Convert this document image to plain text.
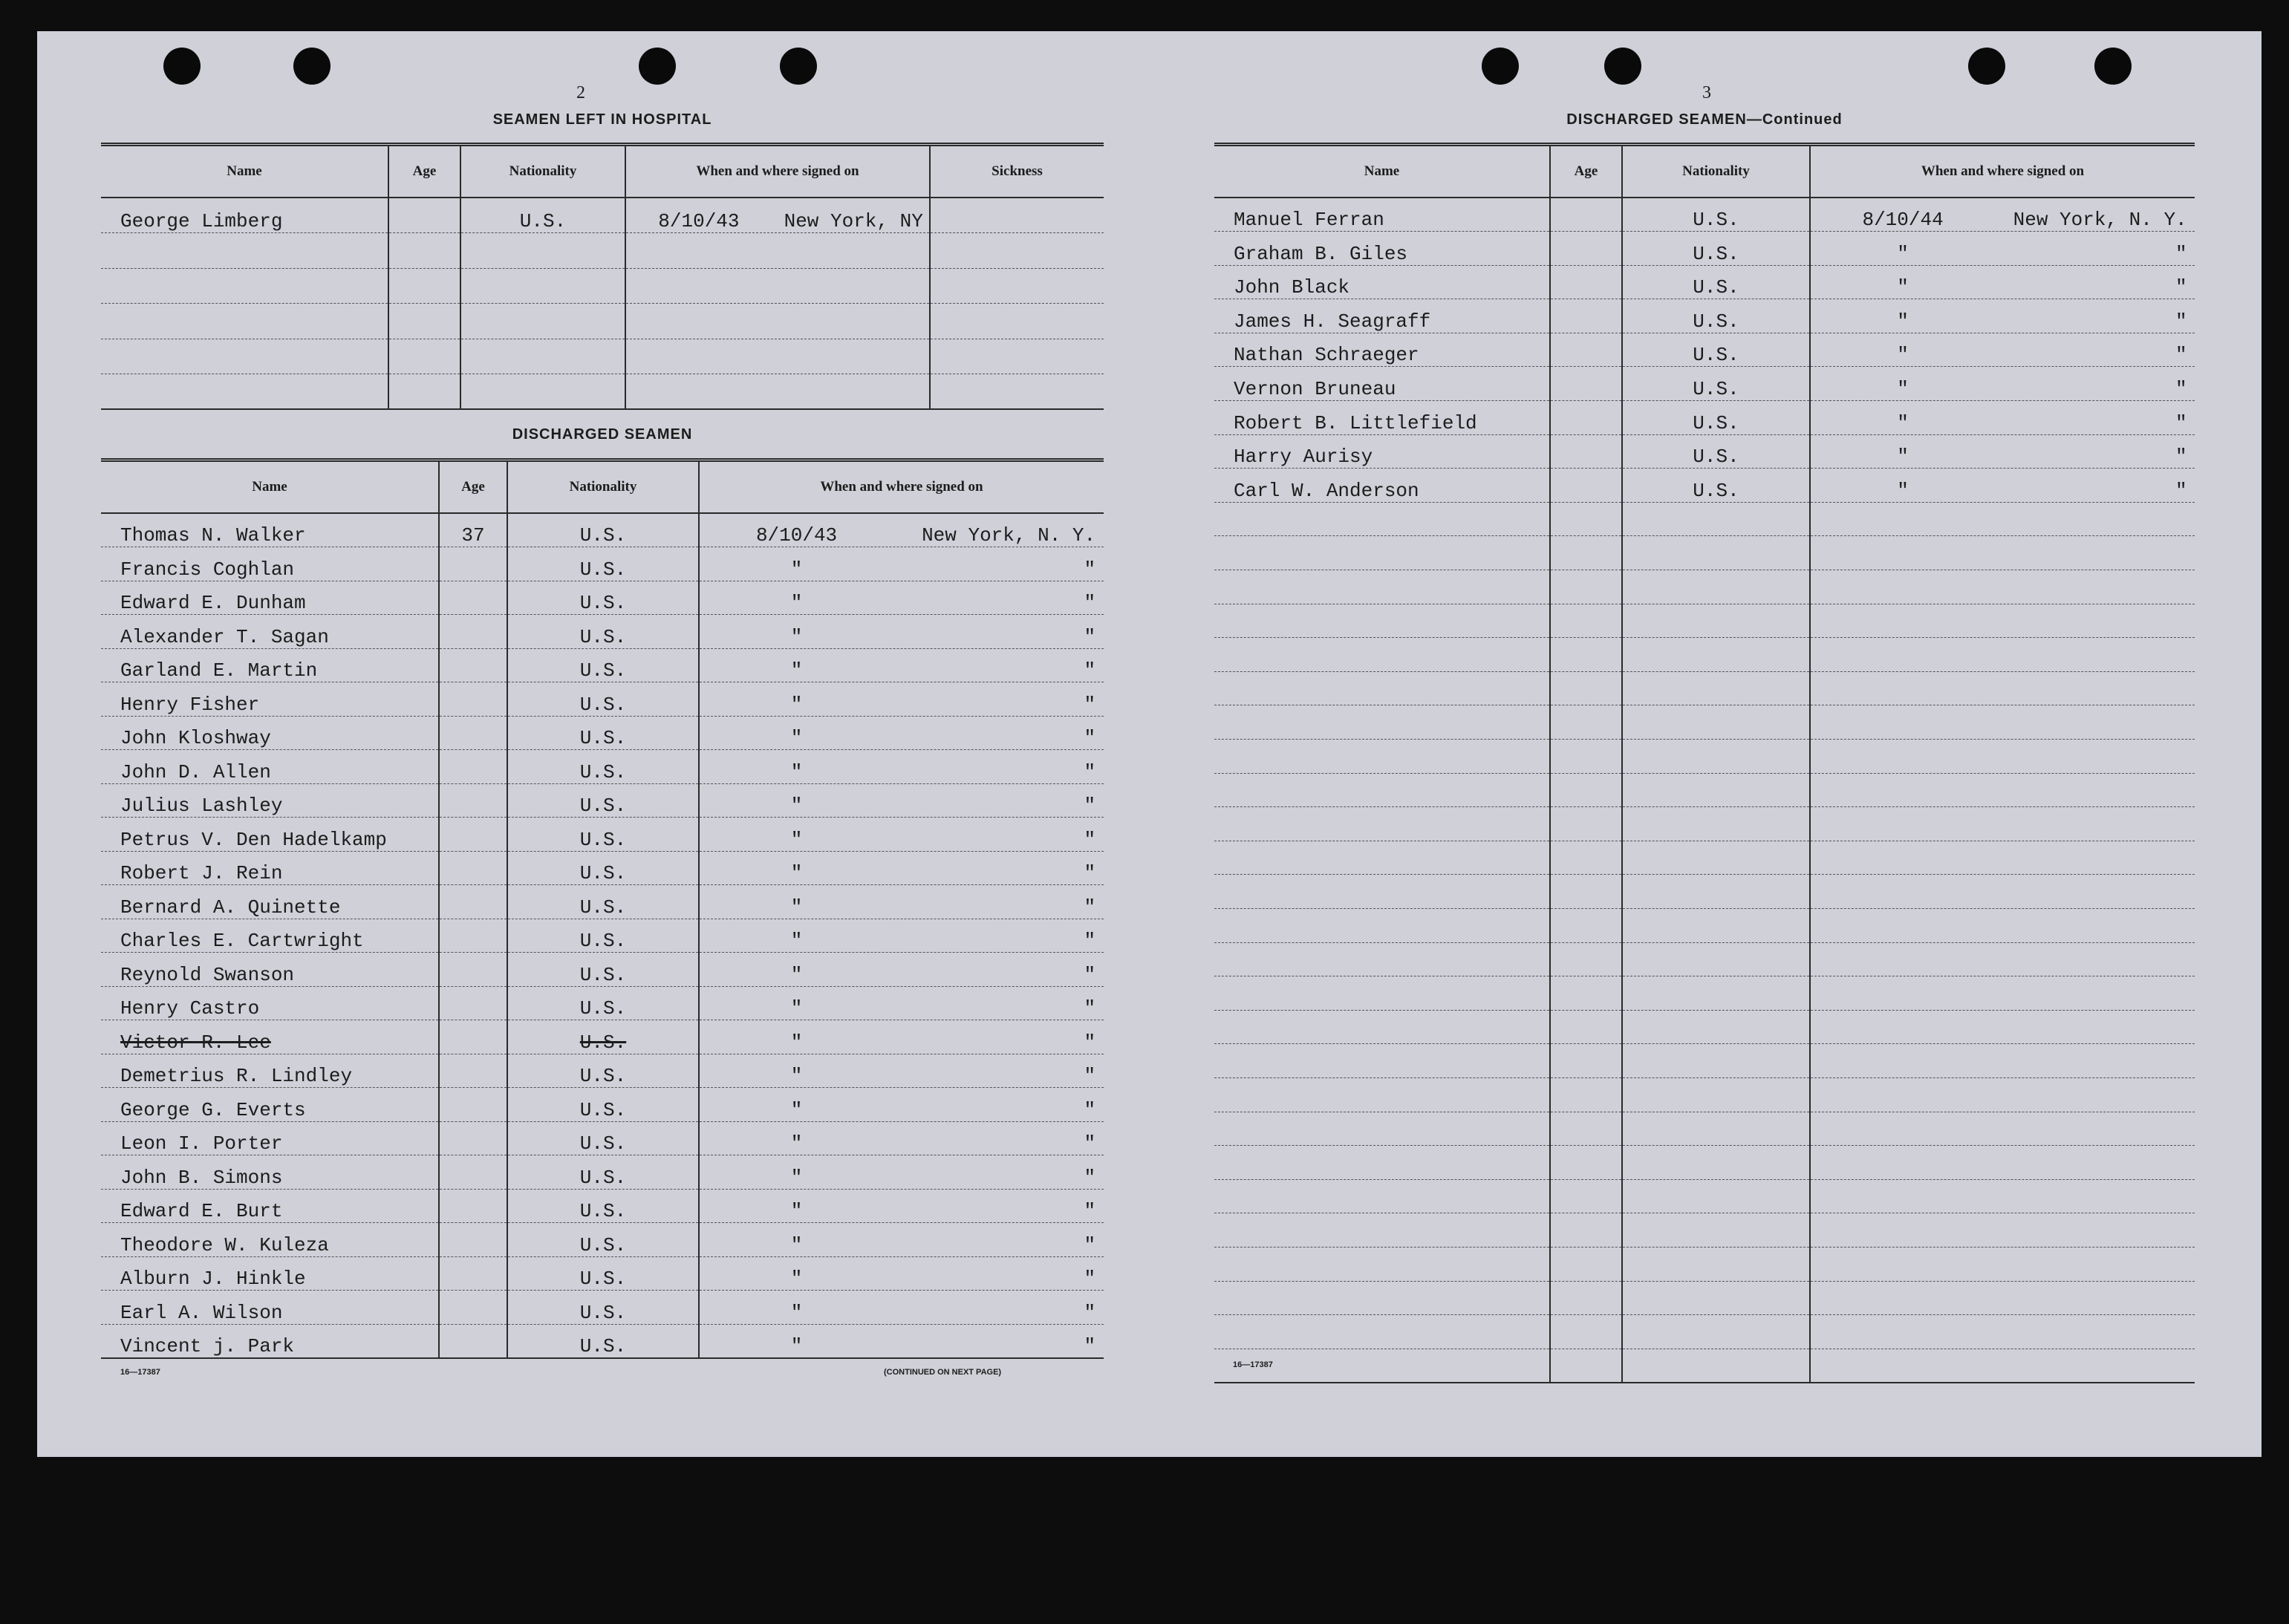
2
SEAMEN LEFT IN HOSPITAL
Name	Age	Nationality	When and where signed on	Sickness
George Limberg		U.S.	8/10/43 New York, NY	

DISCHARGED SEAMEN
Name	Age	Nationality	When and where signed on
Thomas N. Walker	37	U.S.	8/10/43 New York, N. Y.
Francis Coghlan		U.S.	" "
Edward E. Dunham		U.S.	" "
Alexander T. Sagan		U.S.	" "
Garland E. Martin		U.S.	" "
Henry Fisher		U.S.	" "
John Kloshway		U.S.	" "
John D. Allen		U.S.	" "
Julius Lashley		U.S.	" "
Petrus V. Den Hadelkamp		U.S.	" "
Robert J. Rein		U.S.	" "
Bernard A. Quinette		U.S.	" "
Charles E. Cartwright		U.S.	" "
Reynold Swanson		U.S.	" "
Henry Castro		U.S.	" "
Victor R. Lee		U.S.	" "
Demetrius R. Lindley		U.S.	" "
George G. Everts		U.S.	" "
Leon I. Porter		U.S.	" "
John B. Simons		U.S.	" "
Edward E. Burt		U.S.	" "
Theodore W. Kuleza		U.S.	" "
Alburn J. Hinkle		U.S.	" "
Earl A. Wilson		U.S.	" "
Vincent j. Park		U.S.	" "
16—17387	(CONTINUED ON NEXT PAGE)
3
DISCHARGED SEAMEN—Continued
Name	Age	Nationality	When and where signed on
Manuel Ferran		U.S.	8/10/44 New York, N. Y.
Graham B. Giles		U.S.	" "
John Black		U.S.	" "
James H. Seagraff		U.S.	" "
Nathan Schraeger		U.S.	" "
Vernon Bruneau		U.S.	" "
Robert B. Littlefield		U.S.	" "
Harry Aurisy		U.S.	" "
Carl W. Anderson		U.S.	" "

16—17387
